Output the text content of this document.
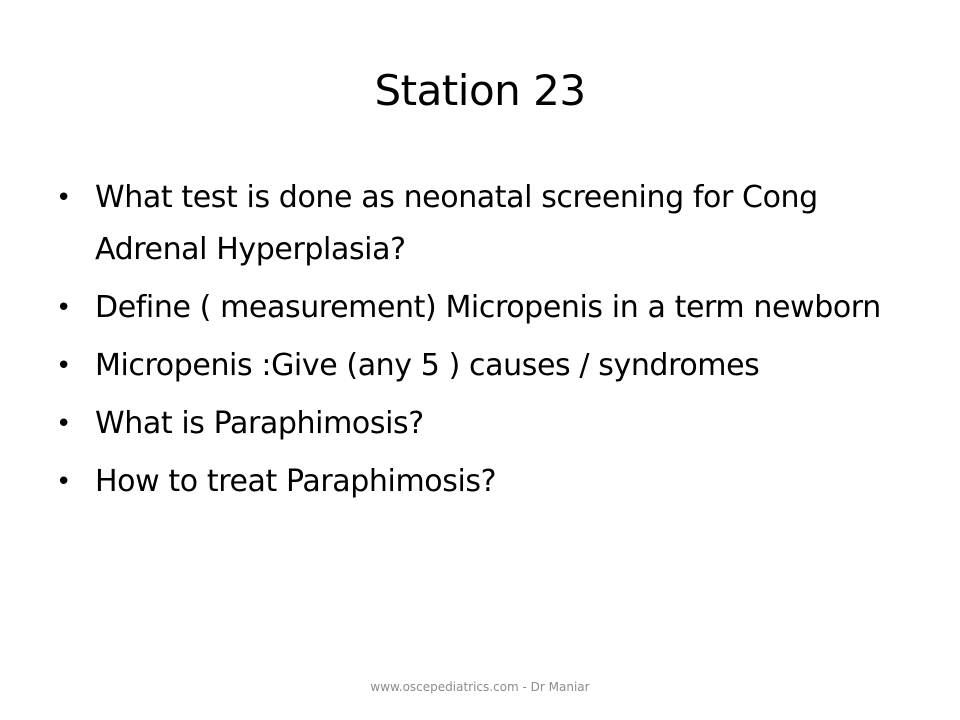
Station 23
• What test is done as neonatal screening for Cong Adrenal Hyperplasia?
• Define ( measurement) Micropenis in a term newborn
• Micropenis :Give (any 5 ) causes / syndromes
• What is Paraphimosis?
• How to treat Paraphimosis?
www.oscepediatrics.com - Dr Maniar
